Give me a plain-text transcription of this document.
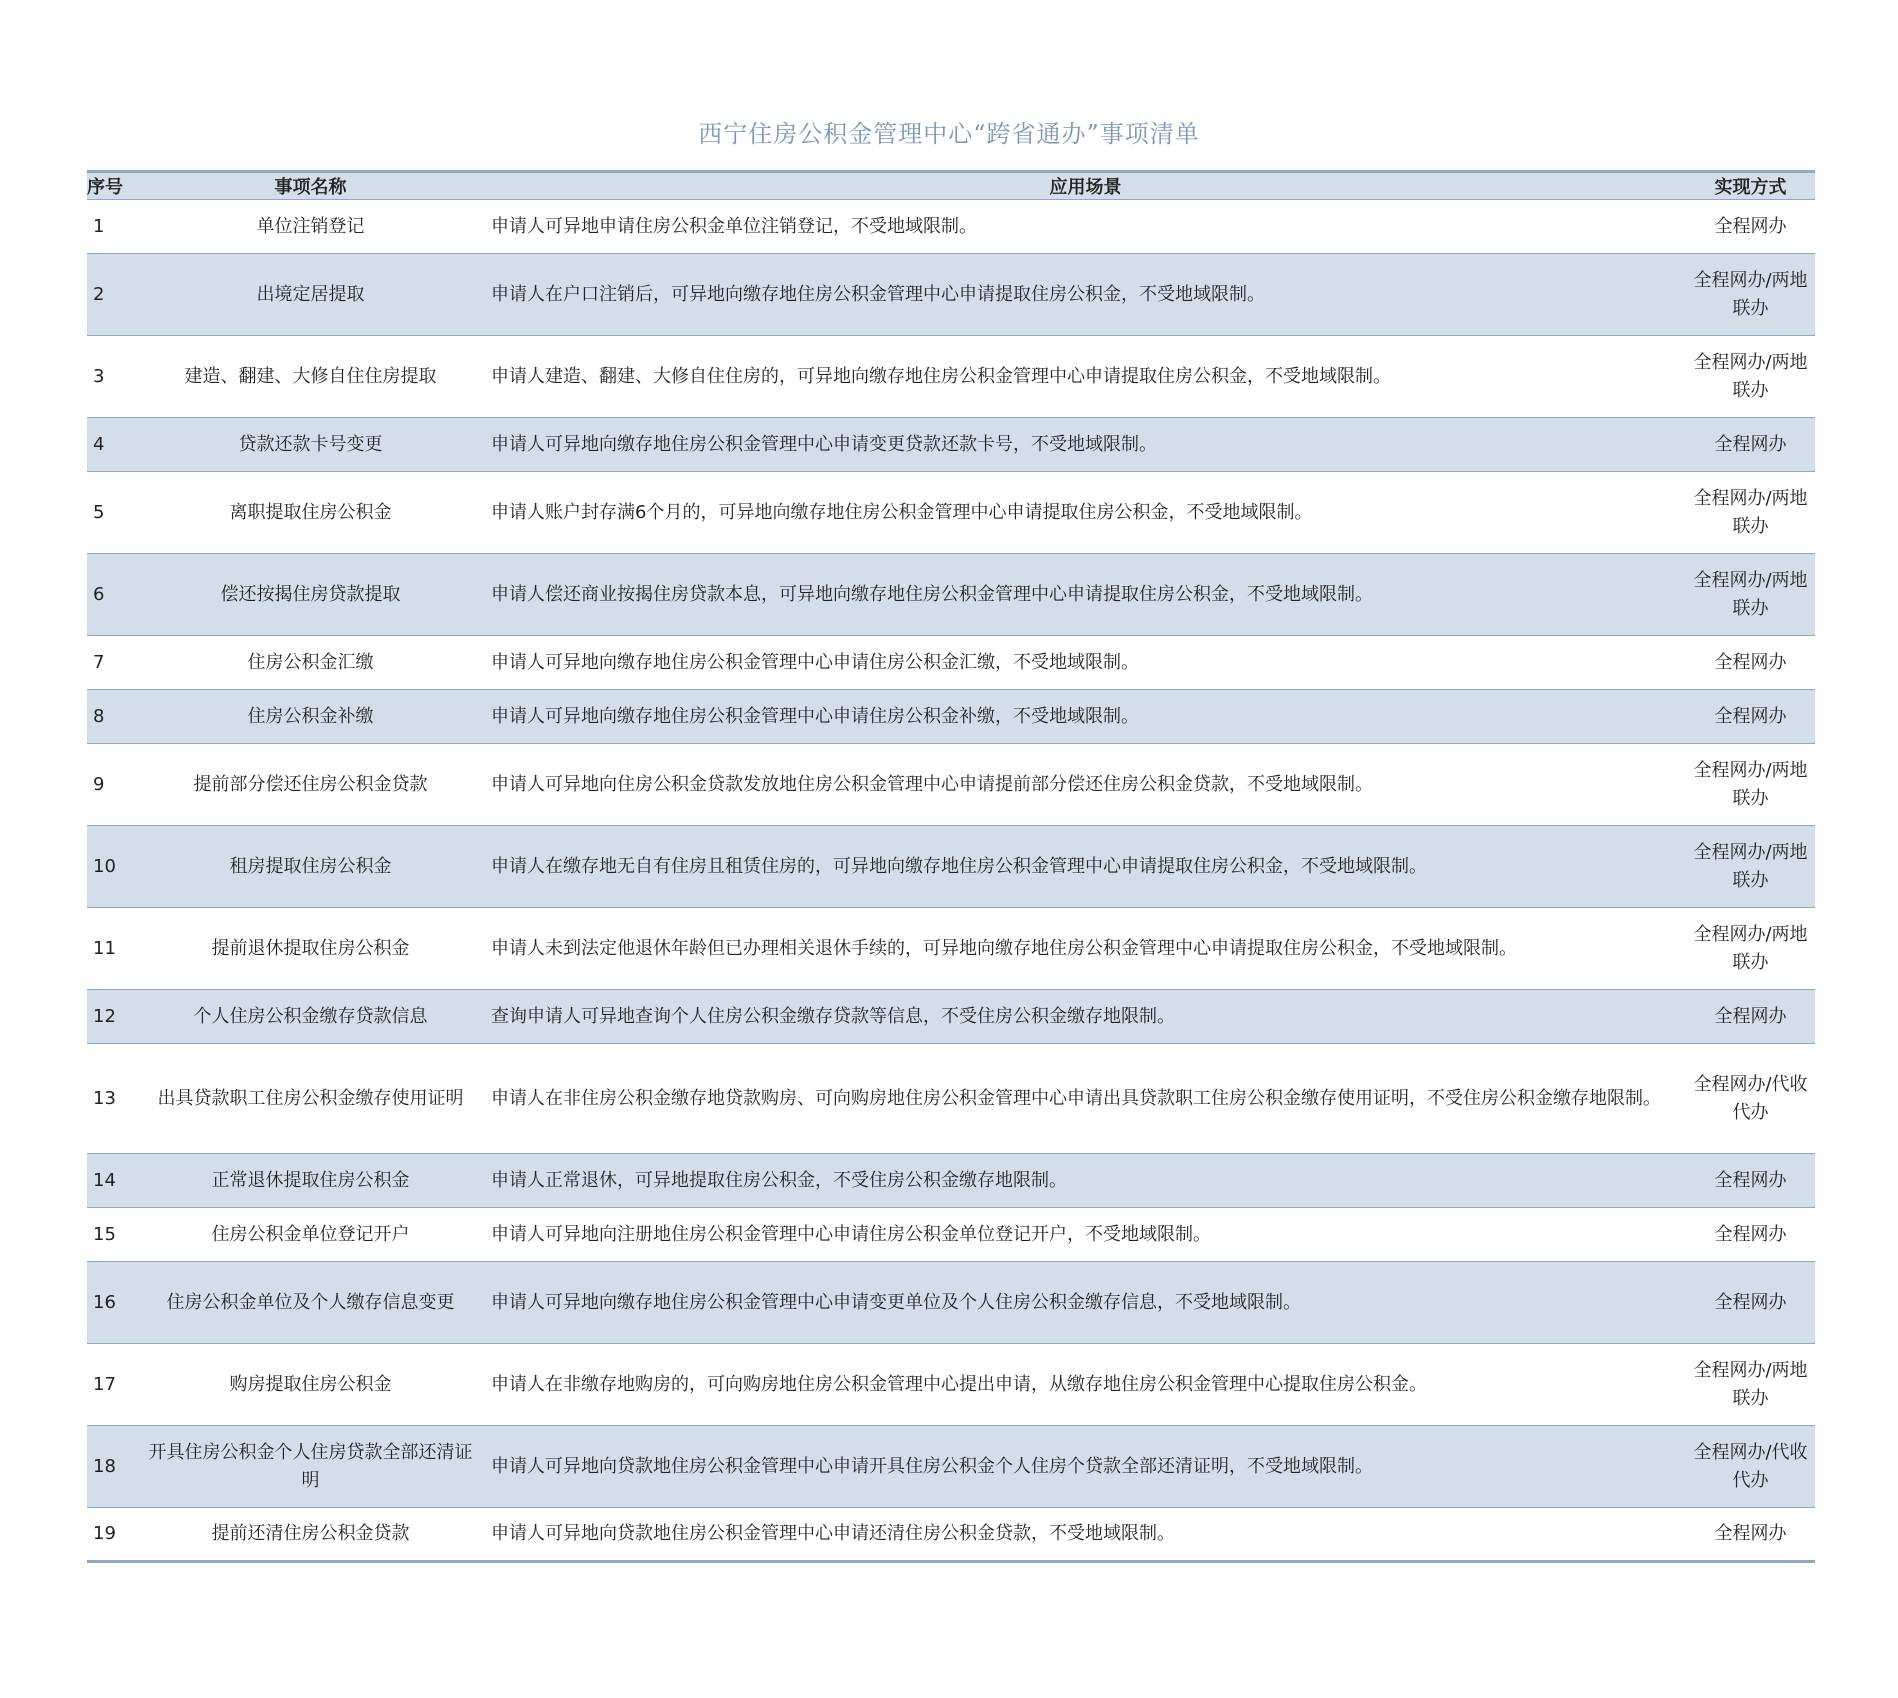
西宁住房公积金管理中心“跨省通办”事项清单
序号	事项名称	应用场景	实现方式
1	单位注销登记	申请人可异地申请住房公积金单位注销登记，不受地域限制。	全程网办
2	出境定居提取	申请人在户口注销后，可异地向缴存地住房公积金管理中心申请提取住房公积金，不受地域限制。	全程网办/两地联办
3	建造、翻建、大修自住住房提取	申请人建造、翻建、大修自住住房的，可异地向缴存地住房公积金管理中心申请提取住房公积金，不受地域限制。	全程网办/两地联办
4	贷款还款卡号变更	申请人可异地向缴存地住房公积金管理中心申请变更贷款还款卡号，不受地域限制。	全程网办
5	离职提取住房公积金	申请人账户封存满6个月的，可异地向缴存地住房公积金管理中心申请提取住房公积金，不受地域限制。	全程网办/两地联办
6	偿还按揭住房贷款提取	申请人偿还商业按揭住房贷款本息，可异地向缴存地住房公积金管理中心申请提取住房公积金，不受地域限制。	全程网办/两地联办
7	住房公积金汇缴	申请人可异地向缴存地住房公积金管理中心申请住房公积金汇缴，不受地域限制。	全程网办
8	住房公积金补缴	申请人可异地向缴存地住房公积金管理中心申请住房公积金补缴，不受地域限制。	全程网办
9	提前部分偿还住房公积金贷款	申请人可异地向住房公积金贷款发放地住房公积金管理中心申请提前部分偿还住房公积金贷款，不受地域限制。	全程网办/两地联办
10	租房提取住房公积金	申请人在缴存地无自有住房且租赁住房的，可异地向缴存地住房公积金管理中心申请提取住房公积金，不受地域限制。	全程网办/两地联办
11	提前退休提取住房公积金	申请人未到法定他退休年龄但已办理相关退休手续的，可异地向缴存地住房公积金管理中心申请提取住房公积金，不受地域限制。	全程网办/两地联办
12	个人住房公积金缴存贷款信息	查询申请人可异地查询个人住房公积金缴存贷款等信息，不受住房公积金缴存地限制。	全程网办
13	出具贷款职工住房公积金缴存使用证明	申请人在非住房公积金缴存地贷款购房、可向购房地住房公积金管理中心申请出具贷款职工住房公积金缴存使用证明，不受住房公积金缴存地限制。	全程网办/代收代办
14	正常退休提取住房公积金	申请人正常退休，可异地提取住房公积金，不受住房公积金缴存地限制。	全程网办
15	住房公积金单位登记开户	申请人可异地向注册地住房公积金管理中心申请住房公积金单位登记开户，不受地域限制。	全程网办
16	住房公积金单位及个人缴存信息变更	申请人可异地向缴存地住房公积金管理中心申请变更单位及个人住房公积金缴存信息，不受地域限制。	全程网办
17	购房提取住房公积金	申请人在非缴存地购房的，可向购房地住房公积金管理中心提出申请，从缴存地住房公积金管理中心提取住房公积金。	全程网办/两地联办
18	开具住房公积金个人住房贷款全部还清证明	申请人可异地向贷款地住房公积金管理中心申请开具住房公积金个人住房个贷款全部还清证明，不受地域限制。	全程网办/代收代办
19	提前还清住房公积金贷款	申请人可异地向贷款地住房公积金管理中心申请还清住房公积金贷款，不受地域限制。	全程网办
